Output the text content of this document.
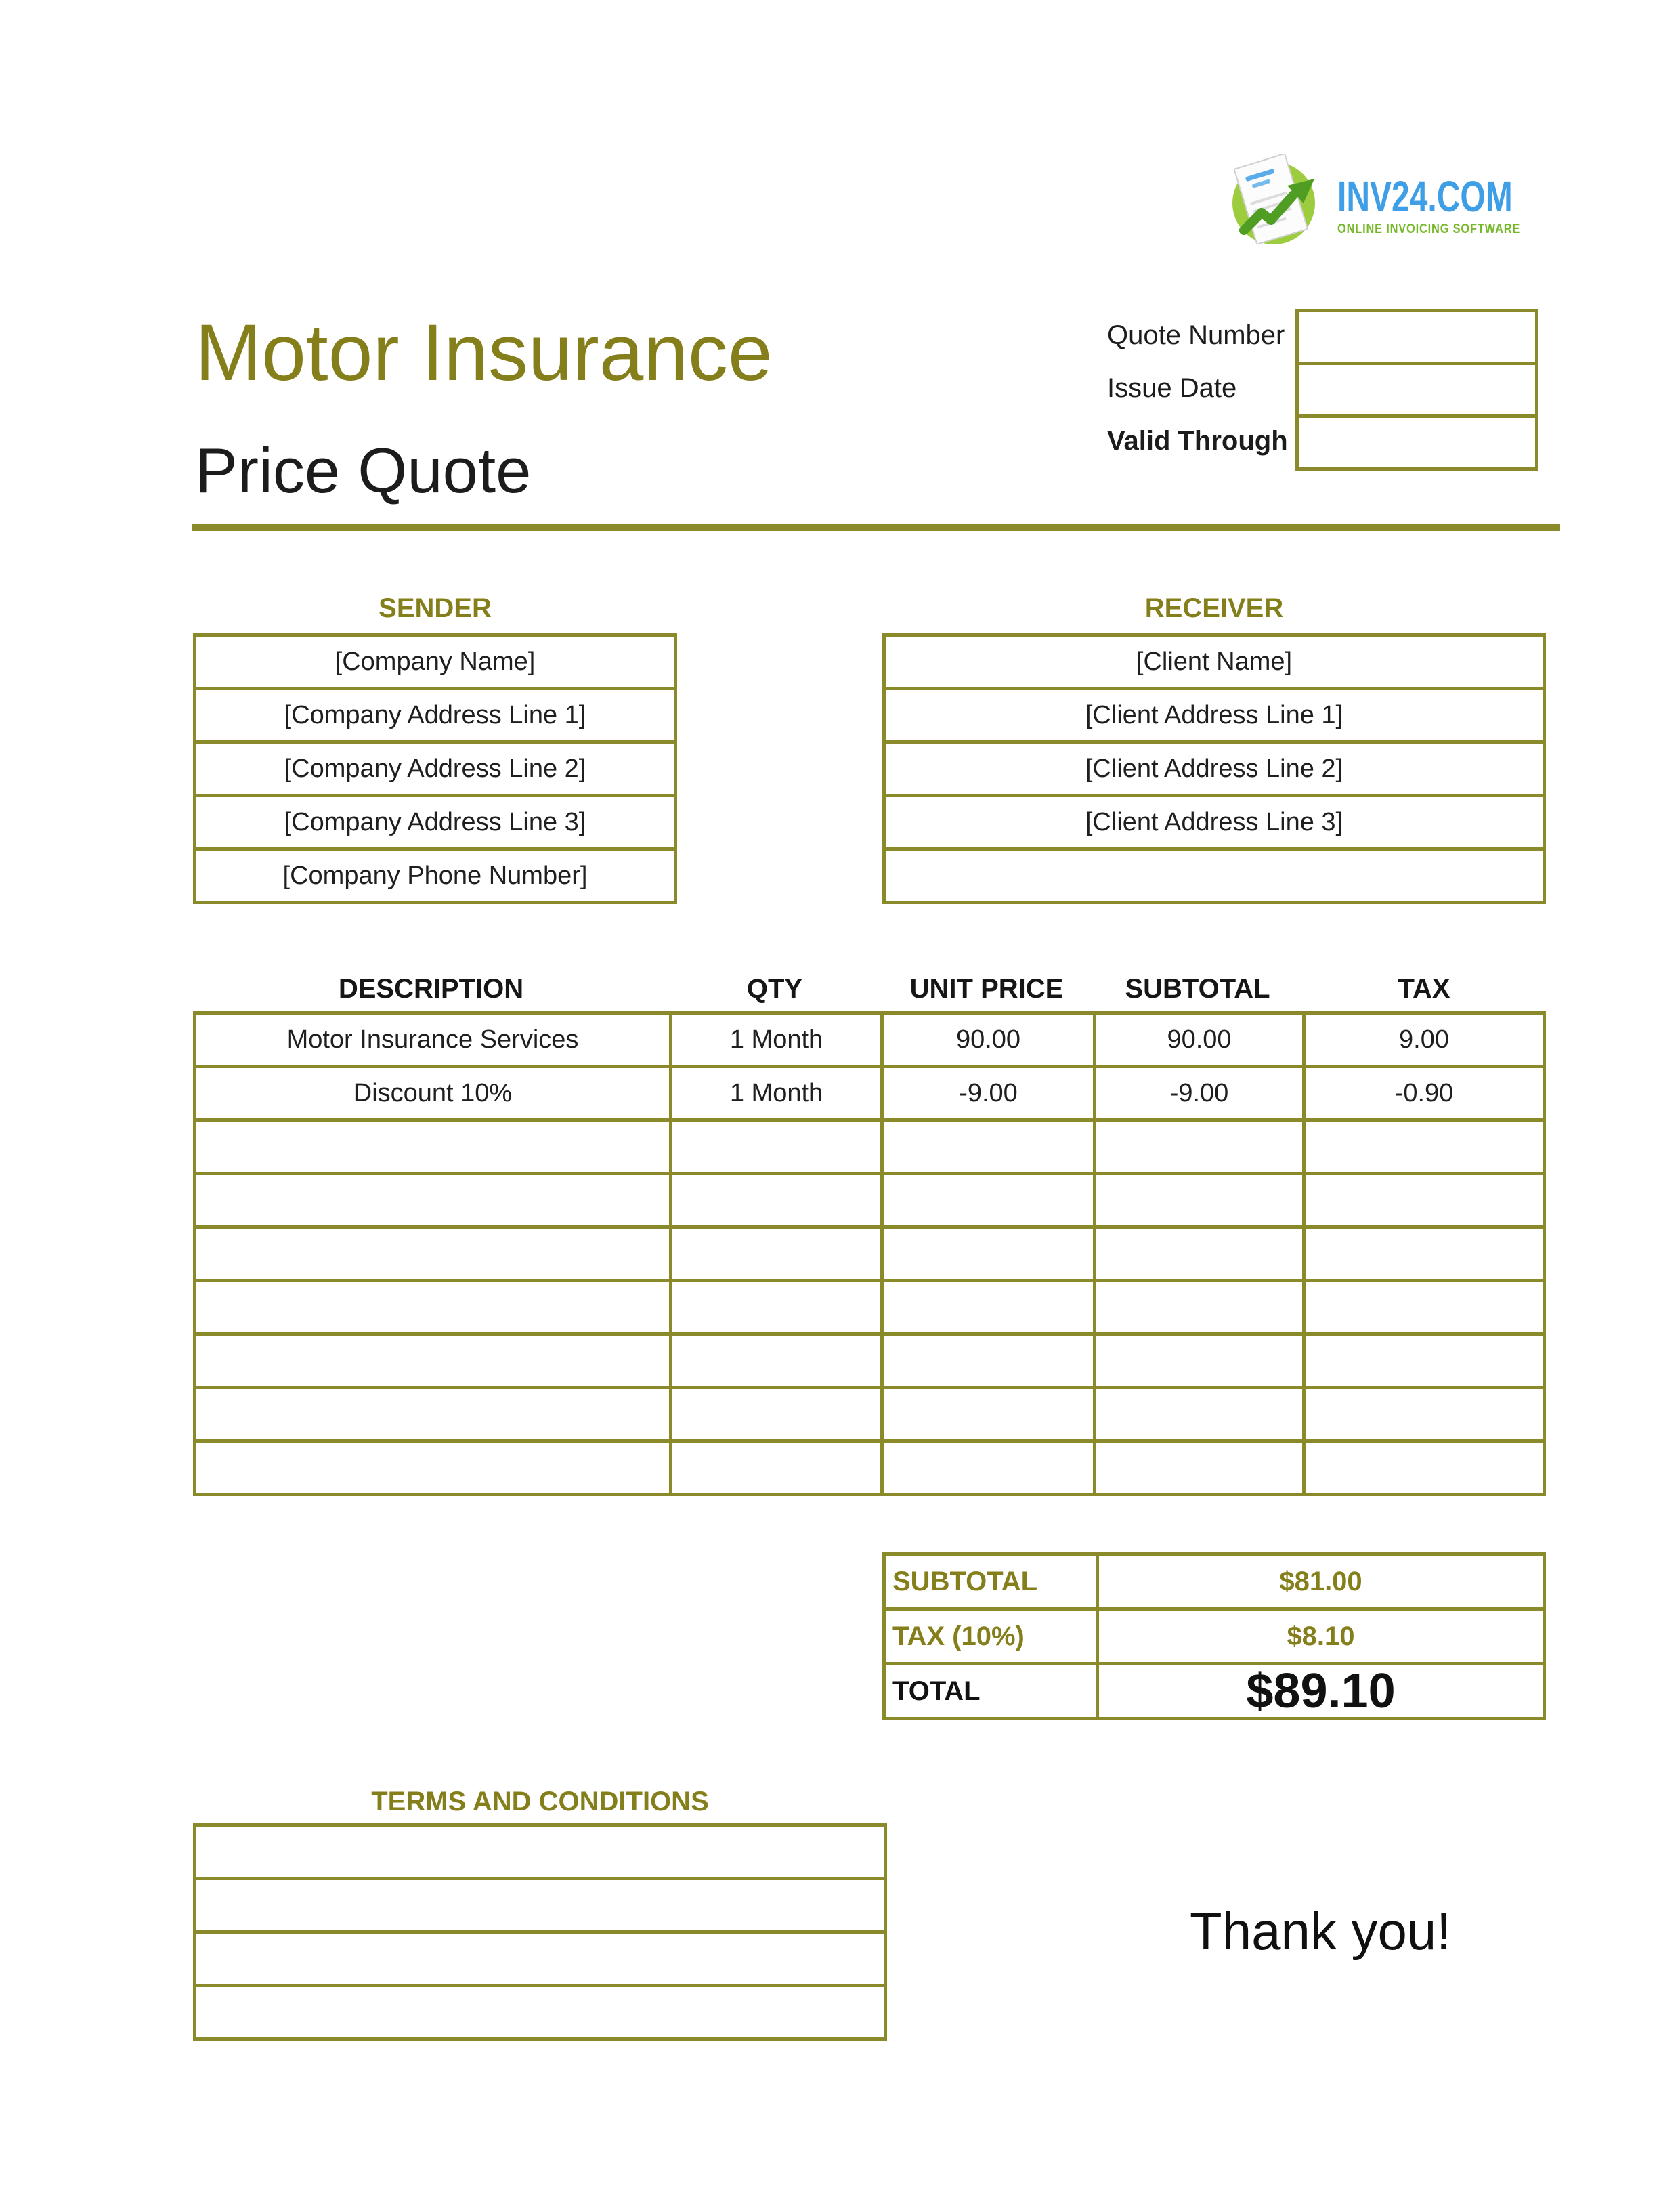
INV24.COM
ONLINE INVOICING SOFTWARE
Motor Insurance
Price Quote
Quote Number
Issue Date
Valid Through
SENDER	RECEIVER
[Company Name]
[Company Address Line 1]
[Company Address Line 2]
[Company Address Line 3]
[Company Phone Number]
[Client Name]
[Client Address Line 1]
[Client Address Line 2]
[Client Address Line 3]
DESCRIPTION	QTY	UNIT PRICE	SUBTOTAL	TAX
Motor Insurance Services	1 Month	90.00	90.00	9.00
Discount 10%	1 Month	-9.00	-9.00	-0.90
SUBTOTAL	$81.00
TAX (10%)	$8.10
TOTAL	$89.10
TERMS AND CONDITIONS
Thank you!
